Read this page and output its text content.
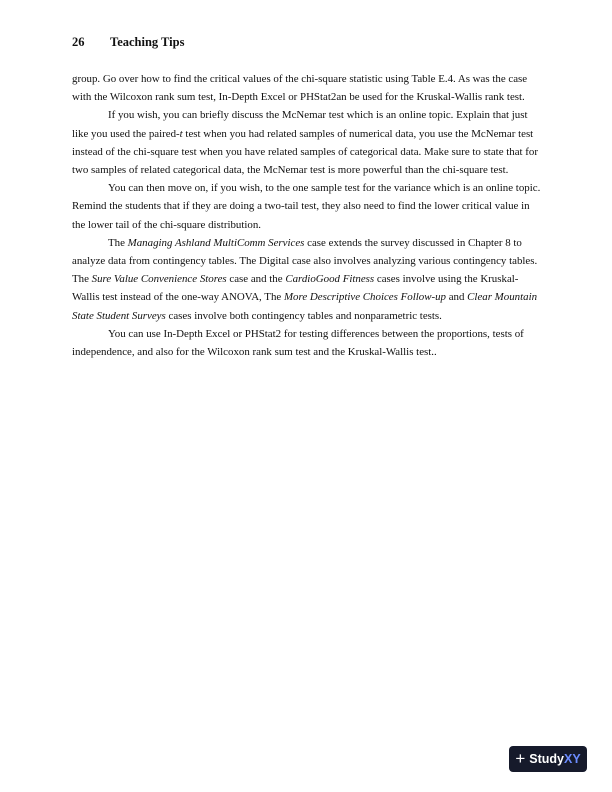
26 Teaching Tips

group. Go over how to find the critical values of the chi-square statistic using Table E.4. As was the case with the Wilcoxon rank sum test, In-Depth Excel or PHStat2an be used for the Kruskal-Wallis rank test.

If you wish, you can briefly discuss the McNemar test which is an online topic. Explain that just like you used the paired-t test when you had related samples of numerical data, you use the McNemar test instead of the chi-square test when you have related samples of categorical data. Make sure to state that for two samples of related categorical data, the McNemar test is more powerful than the chi-square test.

You can then move on, if you wish, to the one sample test for the variance which is an online topic. Remind the students that if they are doing a two-tail test, they also need to find the lower critical value in the lower tail of the chi-square distribution.

The Managing Ashland MultiComm Services case extends the survey discussed in Chapter 8 to analyze data from contingency tables. The Digital case also involves analyzing various contingency tables. The Sure Value Convenience Stores case and the CardioGood Fitness cases involve using the Kruskal-Wallis test instead of the one-way ANOVA, The More Descriptive Choices Follow-up and Clear Mountain State Student Surveys cases involve both contingency tables and nonparametric tests.

You can use In-Depth Excel or PHStat2 for testing differences between the proportions, tests of independence, and also for the Wilcoxon rank sum test and the Kruskal-Wallis test..

+ Study XY
